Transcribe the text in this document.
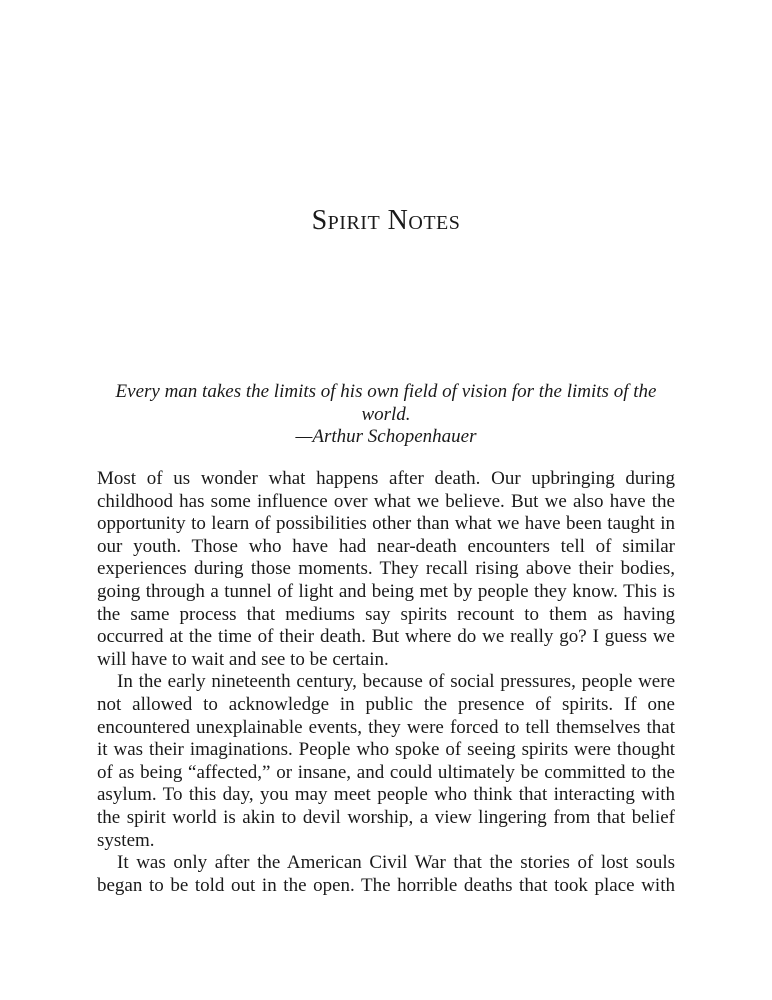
Spirit Notes

Every man takes the limits of his own field of vision for the limits of the world.

—Arthur Schopenhauer

Most of us wonder what happens after death. Our upbringing during childhood has some influence over what we believe. But we also have the opportunity to learn of possibilities other than what we have been taught in our youth. Those who have had near-death encounters tell of similar experiences during those moments. They recall rising above their bodies, going through a tunnel of light and being met by people they know. This is the same process that mediums say spirits recount to them as having occurred at the time of their death. But where do we really go? I guess we will have to wait and see to be certain.

In the early nineteenth century, because of social pressures, people were not allowed to acknowledge in public the presence of spirits. If one encountered unexplainable events, they were forced to tell themselves that it was their imaginations. People who spoke of seeing spirits were thought of as being “affected,” or insane, and could ultimately be committed to the asylum. To this day, you may meet people who think that interacting with the spirit world is akin to devil worship, a view lingering from that belief system.

It was only after the American Civil War that the stories of lost souls began to be told out in the open. The horrible deaths that took place with
